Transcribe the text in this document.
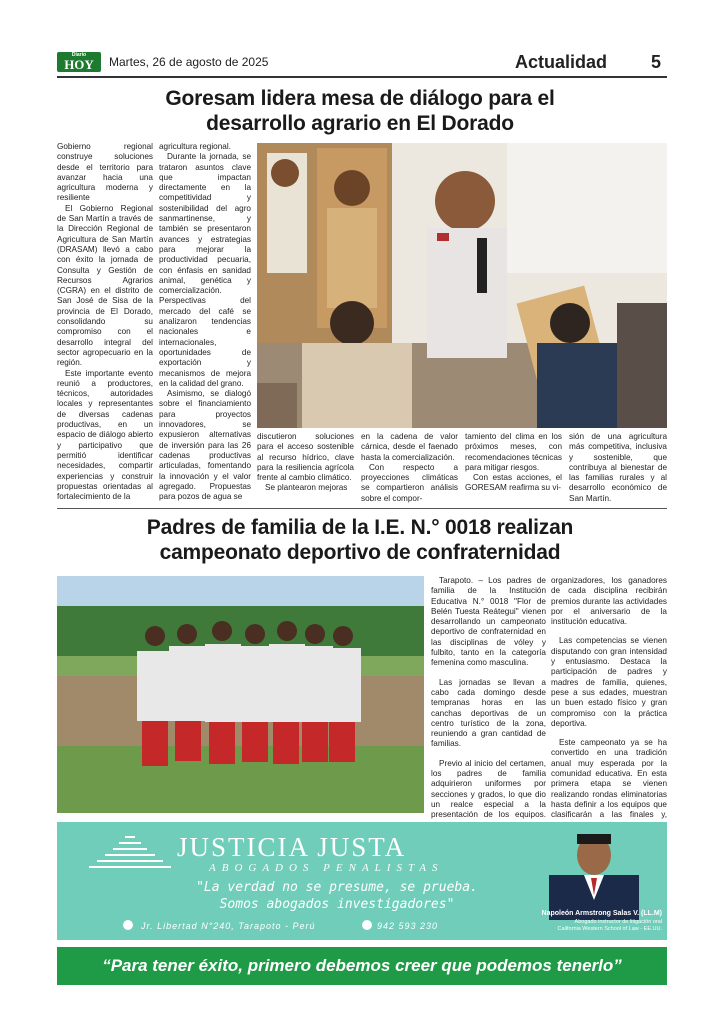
Diario
HOY	Martes, 26 de agosto de 2025	Actualidad 5
Goresam lidera mesa de diálogo para el
desarrollo agrario en El Dorado

Gobierno regional construye soluciones desde el territorio para avanzar hacia una agricultura moderna y resiliente

El Gobierno Regional de San Martín a través de la Dirección Regional de Agricultura de San Martín (DRASAM) llevó a cabo con éxito la jornada de Consulta y Gestión de Recursos Agrarios (CGRA) en el distrito de San José de Sisa de la provincia de El Dorado, consolidando su compromiso con el desarrollo integral del sector agropecuario en la región.

Este importante evento reunió a productores, técnicos, autoridades locales y representantes de diversas cadenas productivas, en un espacio de diálogo abierto y participativo que permitió identificar necesidades, compartir experiencias y construir propuestas orientadas al fortalecimiento de la

agricultura regional.

Durante la jornada, se trataron asuntos clave que impactan directamente en la competitividad y sostenibilidad del agro sanmartinense, y también se presentaron avances y estrategias para mejorar la productividad pecuaria, con énfasis en sanidad animal, genética y comercialización. Perspectivas del mercado del café se analizaron tendencias nacionales e internacionales, oportunidades de exportación y mecanismos de mejora en la calidad del grano.

Asimismo, se dialogó sobre el financiamiento para proyectos innovadores, se expusieron alternativas de inversión para las 26 cadenas productivas articuladas, fomentando la innovación y el valor agregado. Propuestas para pozos de agua se

discutieron soluciones para el acceso sostenible al recurso hídrico, clave para la resiliencia agrícola frente al cambio climático.

Se plantearon mejoras

en la cadena de valor cárnica, desde el faenado hasta la comercialización.

Con respecto a proyecciones climáticas se compartieron análisis sobre el compor-

tamiento del clima en los próximos meses, con recomendaciones técnicas para mitigar riesgos.

Con estas acciones, el GORESAM reafirma su vi-

sión de una agricultura más competitiva, inclusiva y sostenible, que contribuya al bienestar de las familias rurales y al desarrollo económico de San Martín.

Padres de familia de la I.E. N.° 0018 realizan
campeonato deportivo de confraternidad

Tarapoto. – Los padres de familia de la Institución Educativa N.° 0018 "Flor de Belén Tuesta Reátegui" vienen desarrollando un campeonato deportivo de confraternidad en las disciplinas de vóley y fulbito, tanto en la categoría femenina como masculina.

Las jornadas se llevan a cabo cada domingo desde tempranas horas en las canchas deportivas de un centro turístico de la zona, reuniendo a gran cantidad de familias.

Previo al inicio del certamen, los padres de familia adquirieron uniformes por secciones y grados, lo que dio un realce especial a la presentación de los equipos.

organizadores, los ganadores de cada disciplina recibirán premios durante las actividades por el aniversario de la institución educativa.

Las competencias se vienen disputando con gran intensidad y entusiasmo. Destaca la participación de padres y madres de familia, quienes, pese a sus edades, muestran un buen estado físico y gran compromiso con la práctica deportiva.

Este campeonato ya se ha convertido en una tradición anual muy esperada por la comunidad educativa. En esta primera etapa se vienen realizando rondas eliminatorias hasta definir a los equipos que clasificarán a las finales y,

JUSTICIA JUSTA
ABOGADOS PENALISTAS
"La verdad no se presume, se prueba.
Somos abogados investigadores"
Jr. Libertad N°240, Tarapoto - Perú	942 593 230
Napoleón Armstrong Salas V. (LL.M)
Abogado instructor de litigación oral
California Western School of Law - EE.UU.
“Para tener éxito, primero debemos creer que podemos tenerlo”
